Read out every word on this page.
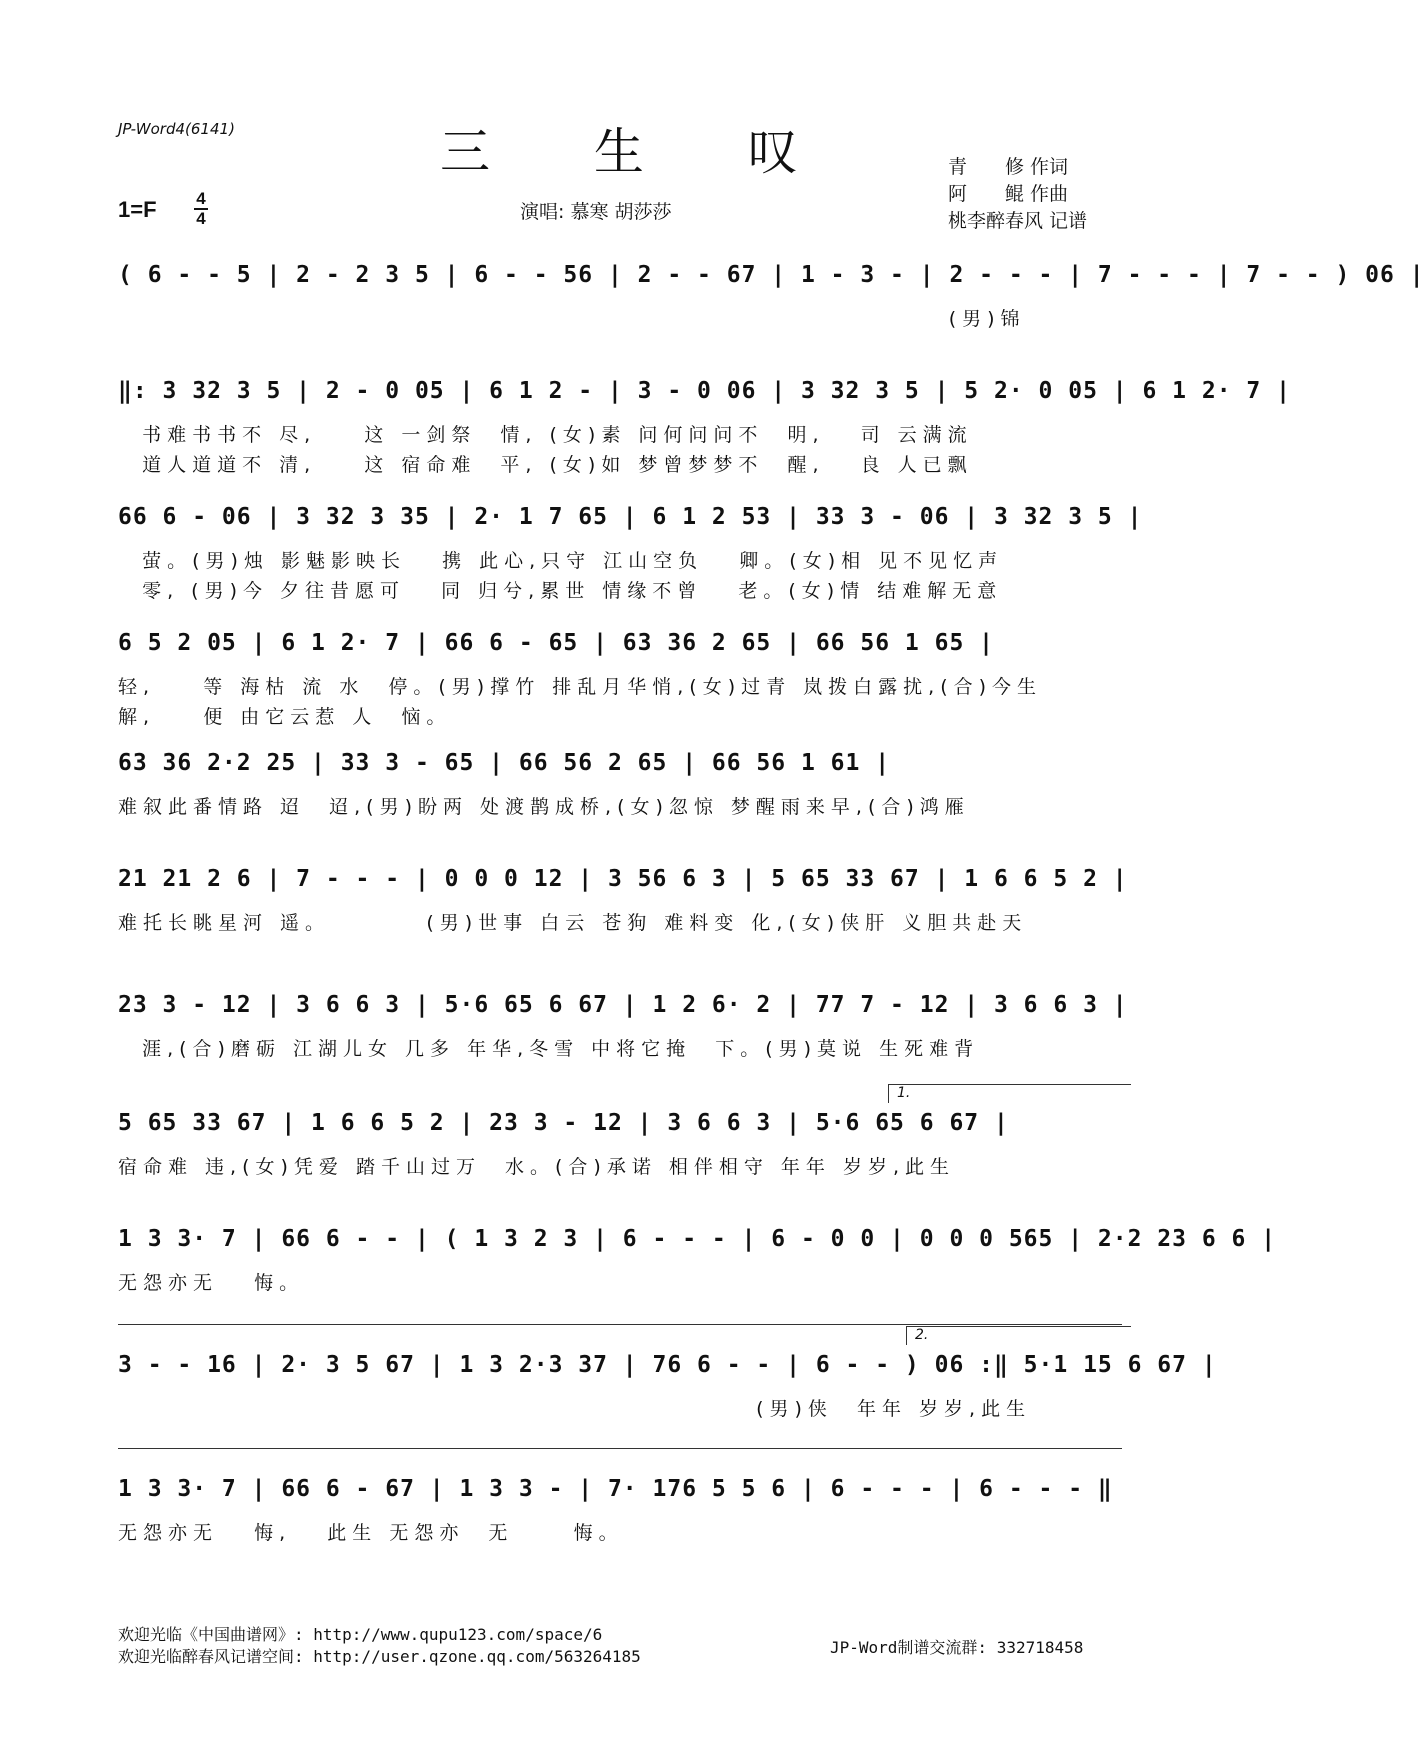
JP-Word4(6141)	三 生 叹
1=F 4
4	演唱: 慕寒 胡莎莎
青　　修 作词
阿　　鲲 作曲
桃李醉春风 记谱
( 6 - - 5 | 2 - 2 3 5 | 6 - - 56 | 2 - - 67 | 1 - 3 - | 2 - - - | 7 - - - | 7 - - ) 06 |
(男)锦
‖: 3 32 3 5 | 2 - 0 05 | 6 1 2 - | 3 - 0 06 | 3 32 3 5 | 5 2· 0 05 | 6 1 2· 7 |
书难书书不 尽,    这 一剑祭  情, (女)素 问何问问不  明,   司 云满流
道人道道不 清,    这 宿命难  平, (女)如 梦曾梦梦不  醒,   良 人已飘
66 6 - 06 | 3 32 3 35 | 2· 1 7 65 | 6 1 2 53 | 33 3 - 06 | 3 32 3 5 |
萤。(男)烛 影魅影映长   携 此心,只守 江山空负   卿。(女)相 见不见忆声
零, (男)今 夕往昔愿可   同 归兮,累世 情缘不曾   老。(女)情 结难解无意
6 5 2 05 | 6 1 2· 7 | 66 6 - 65 | 63 36 2 65 | 66 56 1 65 |
轻,    等 海枯 流 水  停。(男)撑竹 排乱月华悄,(女)过青 岚拨白露扰,(合)今生
解,    便 由它云惹 人  恼。
63 36 2·2 25 | 33 3 - 65 | 66 56 2 65 | 66 56 1 61 |
难叙此番情路 迢  迢,(男)盼两 处渡鹊成桥,(女)忽惊 梦醒雨来早,(合)鸿雁
21 21 2 6 | 7 - - - | 0 0 0 12 | 3 56 6 3 | 5 65 33 67 | 1 6 6 5 2 |
难托长眺星河 遥。        (男)世事 白云 苍狗 难料变 化,(女)侠肝 义胆共赴天
23 3 - 12 | 3 6 6 3 | 5·6 65 6 67 | 1 2 6· 2 | 77 7 - 12 | 3 6 6 3 |
涯,(合)磨砺 江湖儿女 几多 年华,冬雪 中将它掩  下。(男)莫说 生死难背
1.
5 65 33 67 | 1 6 6 5 2 | 23 3 - 12 | 3 6 6 3 | 5·6 65 6 67 |
宿命难 违,(女)凭爱 踏千山过万  水。(合)承诺 相伴相守 年年 岁岁,此生
1 3 3· 7 | 66 6 - - | ( 1 3 2 3 | 6 - - - | 6 - 0 0 | 0 0 0 565 | 2·2 23 6 6 |
无怨亦无   悔。
2.
3 - - 16 | 2· 3 5 67 | 1 3 2·3 37 | 76 6 - - | 6 - - ) 06 :‖ 5·1 15 6 67 |
(男)侠  年年 岁岁,此生
1 3 3· 7 | 66 6 - 67 | 1 3 3 - | 7· 176 5 5 6 | 6 - - - | 6 - - - ‖
无怨亦无   悔,   此生 无怨亦  无     悔。
欢迎光临《中国曲谱网》: http://www.qupu123.com/space/6
欢迎光临醉春风记谱空间: http://user.qzone.qq.com/563264185	JP-Word制谱交流群: 332718458
